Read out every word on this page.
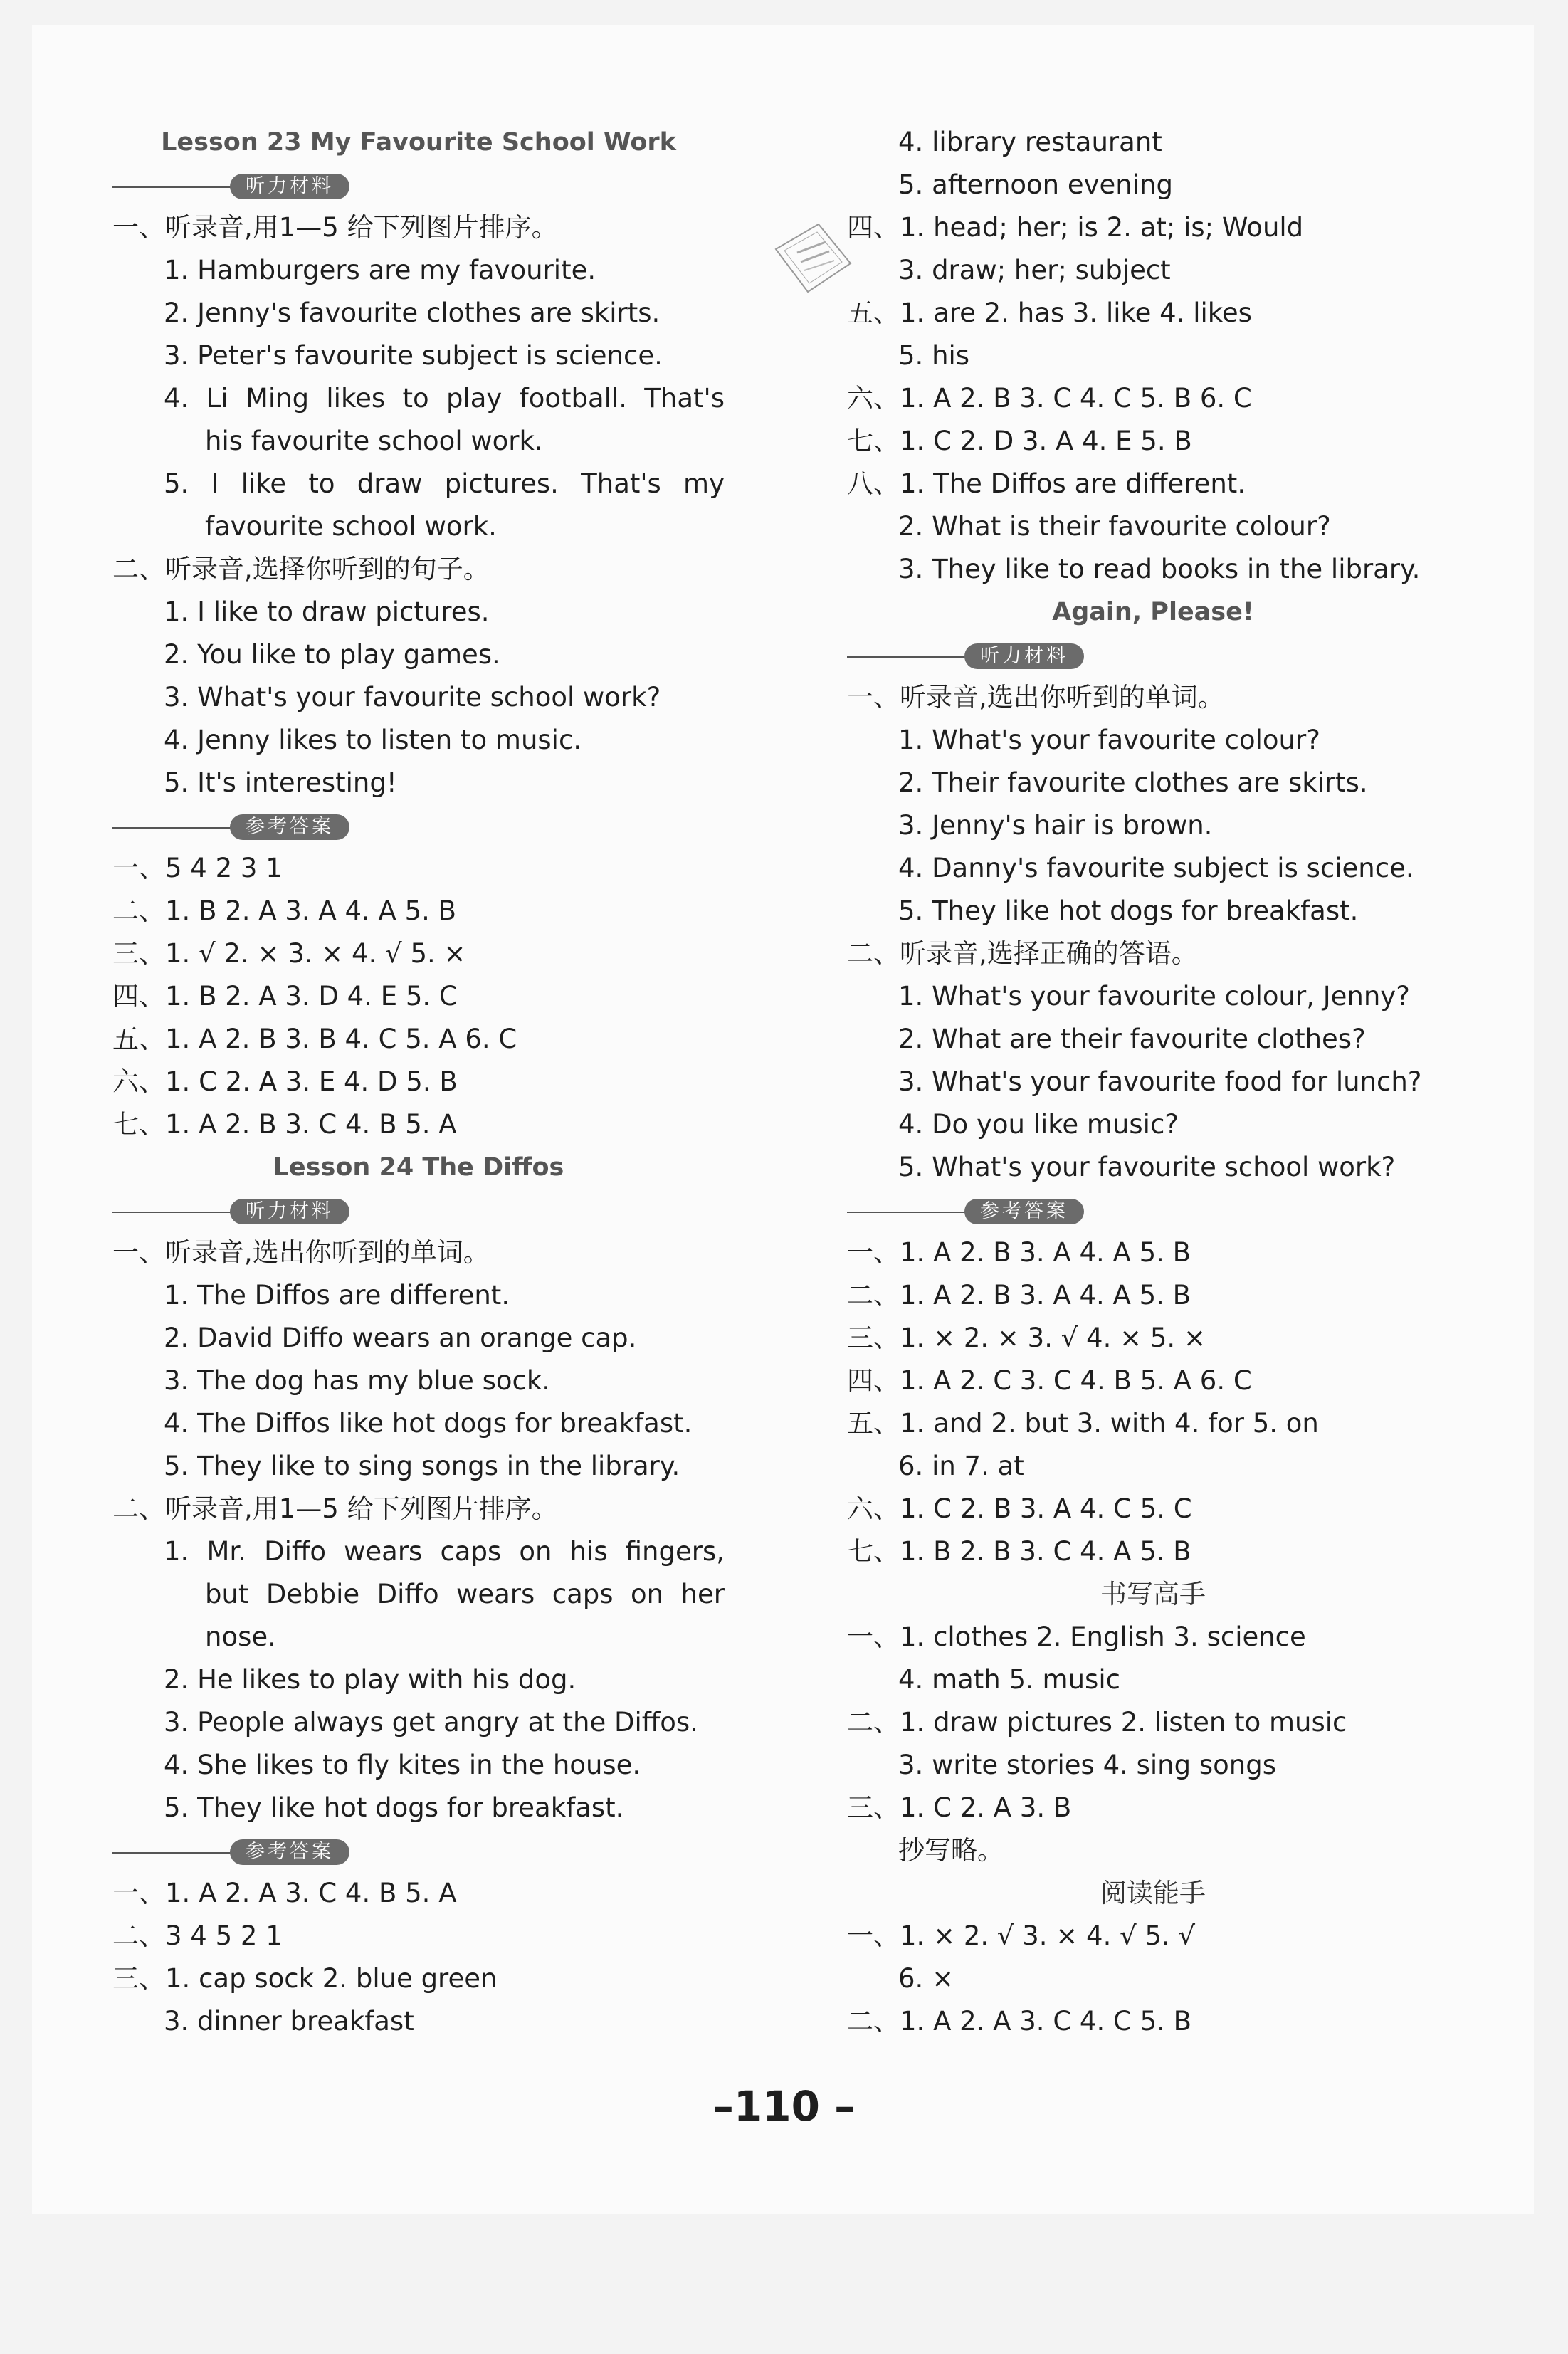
Lesson 23 My Favourite School Work
听力材料
一、听录音,用1—5 给下列图片排序。
1. Hamburgers are my favourite.
2. Jenny's favourite clothes are skirts.
3. Peter's favourite subject is science.
4. Li Ming likes to play football. That's
his favourite school work.
5. I like to draw pictures. That's my
favourite school work.
二、听录音,选择你听到的句子。
1. I like to draw pictures.
2. You like to play games.
3. What's your favourite school work?
4. Jenny likes to listen to music.
5. It's interesting!
参考答案
一、5 4 2 3 1
二、1. B 2. A 3. A 4. A 5. B
三、1. √ 2. × 3. × 4. √ 5. ×
四、1. B 2. A 3. D 4. E 5. C
五、1. A 2. B 3. B 4. C 5. A 6. C
六、1. C 2. A 3. E 4. D 5. B
七、1. A 2. B 3. C 4. B 5. A
Lesson 24 The Diffos
听力材料
一、听录音,选出你听到的单词。
1. The Diffos are different.
2. David Diffo wears an orange cap.
3. The dog has my blue sock.
4. The Diffos like hot dogs for breakfast.
5. They like to sing songs in the library.
二、听录音,用1—5 给下列图片排序。
1. Mr. Diffo wears caps on his fingers,
but Debbie Diffo wears caps on her
nose.
2. He likes to play with his dog.
3. People always get angry at the Diffos.
4. She likes to fly kites in the house.
5. They like hot dogs for breakfast.
参考答案
一、1. A 2. A 3. C 4. B 5. A
二、3 4 5 2 1
三、1. cap sock 2. blue green
3. dinner breakfast
4. library restaurant
5. afternoon evening
四、1. head; her; is 2. at; is; Would
3. draw; her; subject
五、1. are 2. has 3. like 4. likes
5. his
六、1. A 2. B 3. C 4. C 5. B 6. C
七、1. C 2. D 3. A 4. E 5. B
八、1. The Diffos are different.
2. What is their favourite colour?
3. They like to read books in the library.
Again, Please!
听力材料
一、听录音,选出你听到的单词。
1. What's your favourite colour?
2. Their favourite clothes are skirts.
3. Jenny's hair is brown.
4. Danny's favourite subject is science.
5. They like hot dogs for breakfast.
二、听录音,选择正确的答语。
1. What's your favourite colour, Jenny?
2. What are their favourite clothes?
3. What's your favourite food for lunch?
4. Do you like music?
5. What's your favourite school work?
参考答案
一、1. A 2. B 3. A 4. A 5. B
二、1. A 2. B 3. A 4. A 5. B
三、1. × 2. × 3. √ 4. × 5. ×
四、1. A 2. C 3. C 4. B 5. A 6. C
五、1. and 2. but 3. with 4. for 5. on
6. in 7. at
六、1. C 2. B 3. A 4. C 5. C
七、1. B 2. B 3. C 4. A 5. B
书写高手
一、1. clothes 2. English 3. science
4. math 5. music
二、1. draw pictures 2. listen to music
3. write stories 4. sing songs
三、1. C 2. A 3. B
抄写略。
阅读能手
一、1. × 2. √ 3. × 4. √ 5. √
6. ×
二、1. A 2. A 3. C 4. C 5. B
–110 –
